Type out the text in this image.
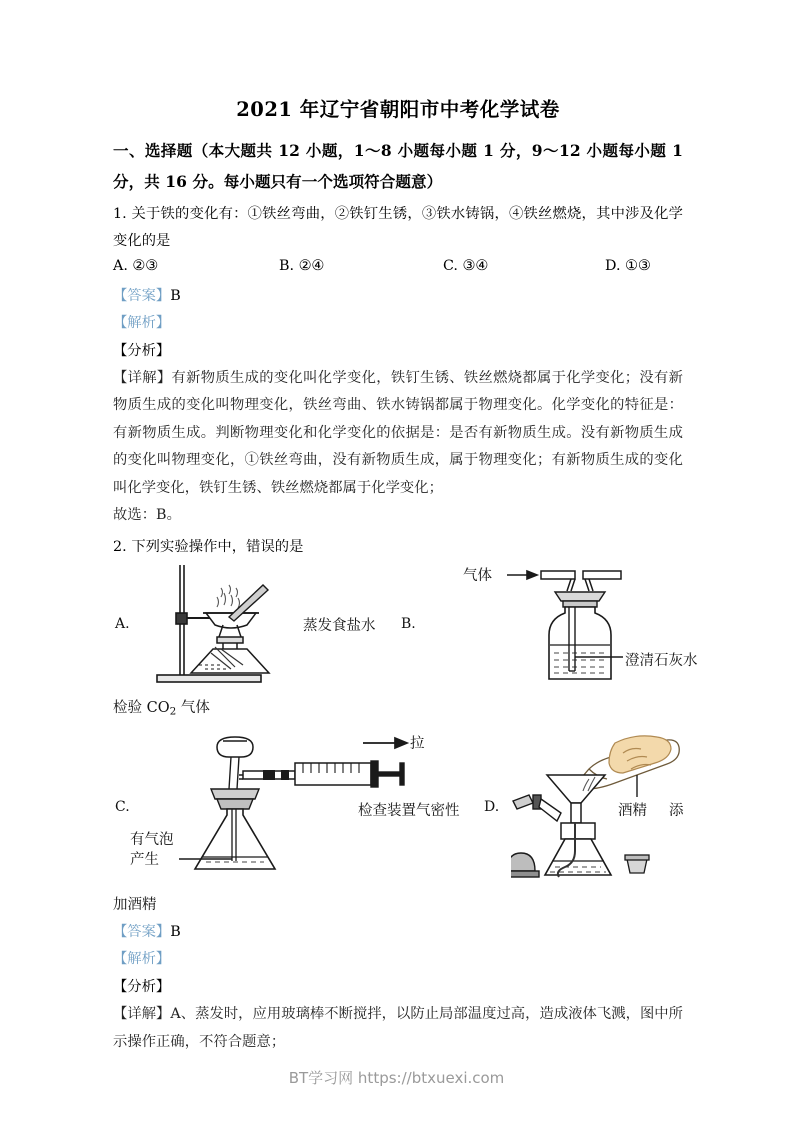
2021 年辽宁省朝阳市中考化学试卷
一、选择题（本大题共 12 小题，1～8 小题每小题 1 分，9～12 小题每小题 1 分，共 16 分。每小题只有一个选项符合题意）
1. 关于铁的变化有：①铁丝弯曲，②铁钉生锈，③铁水铸锅，④铁丝燃烧，其中涉及化学变化的是
A. ②③	B. ②④	C. ③④	D. ①③
【答案】B
【解析】
【分析】
【详解】有新物质生成的变化叫化学变化，铁钉生锈、铁丝燃烧都属于化学变化；没有新物质生成的变化叫物理变化，铁丝弯曲、铁水铸锅都属于物理变化。化学变化的特征是：有新物质生成。判断物理变化和化学变化的依据是：是否有新物质生成。没有新物质生成的变化叫物理变化，①铁丝弯曲，没有新物质生成，属于物理变化；有新物质生成的变化叫化学变化，铁钉生锈、铁丝燃烧都属于化学变化；
故选：B。
2. 下列实验操作中，错误的是
A.	蒸发食盐水 B.
气体
澄清石灰水
检验 $CO_2$ 气体
C.
拉
有气泡
产生
检查装置气密性 D.	酒精 添
加酒精
【答案】B
【解析】
【分析】
【详解】A、蒸发时，应用玻璃棒不断搅拌，以防止局部温度过高，造成液体飞溅，图中所示操作正确，不符合题意；
BT学习网 https://btxuexi.com
